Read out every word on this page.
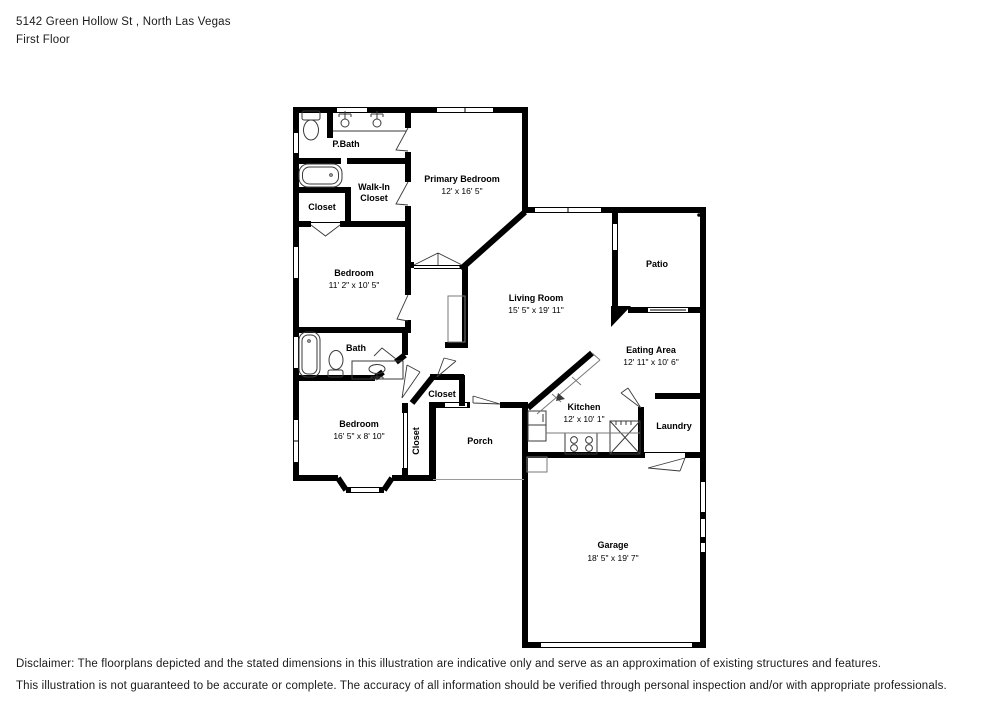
5142 Green Hollow St , North Las Vegas
First Floor
P.Bath
Walk-In
Closet
Closet
Primary Bedroom
12' x 16' 5"
Bedroom
11' 2" x 10' 5"
Bath
Living Room
15' 5" x 19' 11"
Patio
Eating Area
12' 11" x 10' 6"
Kitchen
12' x 10' 1"
Laundry
Closet
Closet
Bedroom
16' 5" x 8' 10"	Porch
Garage
18' 5" x 19' 7"
Disclaimer: The floorplans depicted and the stated dimensions in this illustration are indicative only and serve as an approximation of existing structures and features.
This illustration is not guaranteed to be accurate or complete. The accuracy of all information should be verified through personal inspection and/or with appropriate professionals.
